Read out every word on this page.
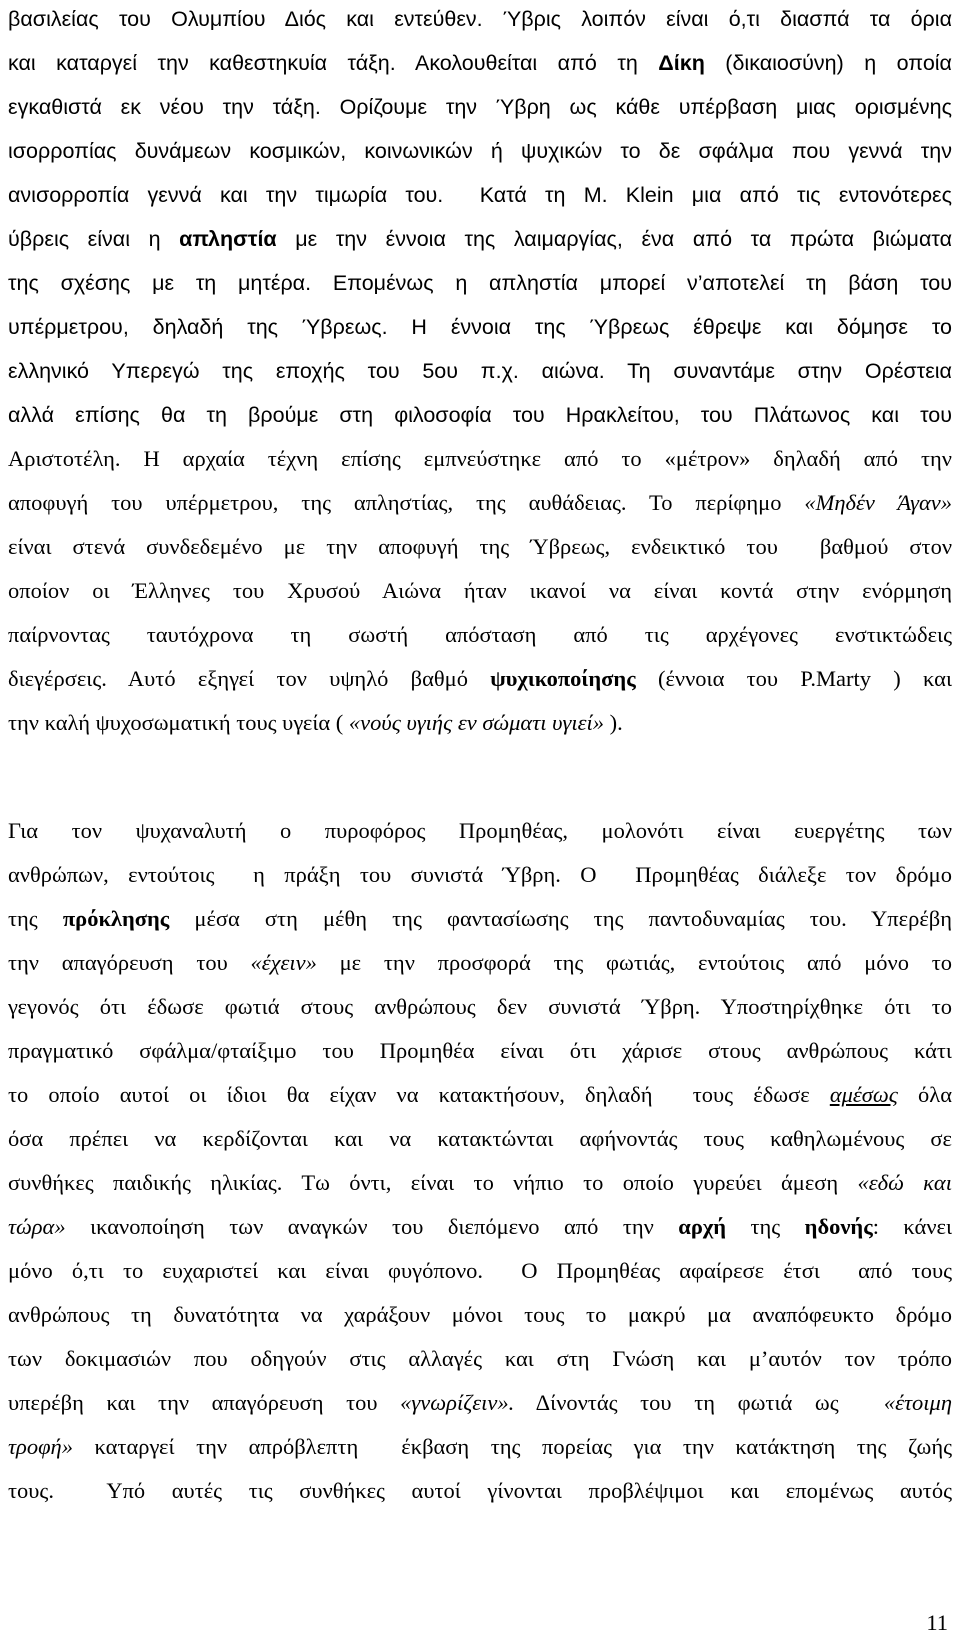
βασιλείας του Ολυμπίου Διός και εντεύθεν. Ύβρις λοιπόν είναι ό,τι διασπά τα όρια
και καταργεί την καθεστηκυία τάξη. Ακολουθείται από τη Δίκη (δικαιοσύνη) η οποία
εγκαθιστά εκ νέου την τάξη. Ορίζουμε την Ύβρη ως κάθε υπέρβαση μιας ορισμένης
ισορροπίας δυνάμεων κοσμικών, κοινωνικών ή ψυχικών το δε σφάλμα που γεννά την
ανισορροπία γεννά και την τιμωρία του.  Κατά τη M. Klein μια από τις εντονότερες
ύβρεις είναι η απληστία με την έννοια της λαιμαργίας, ένα από τα πρώτα βιώματα
της σχέσης με τη μητέρα. Επομένως η απληστία μπορεί ν’αποτελεί τη βάση του
υπέρμετρου, δηλαδή της Ύβρεως. Η έννοια της Ύβρεως έθρεψε και δόμησε το
ελληνικό Υπερεγώ της εποχής του 5ου π.χ. αιώνα. Τη συναντάμε στην Ορέστεια
αλλά επίσης θα τη βρούμε στη φιλοσοφία του Ηρακλείτου, του Πλάτωνος και του
Αριστοτέλη. Η αρχαία τέχνη επίσης εμπνεύστηκε από το «μέτρον» δηλαδή από την
αποφυγή του υπέρμετρου, της απληστίας, της αυθάδειας. Το περίφημο «Μηδέν Άγαν»
είναι στενά συνδεδεμένο με την αποφυγή της Ύβρεως, ενδεικτικό του  βαθμού στον
οποίον οι Έλληνες του Χρυσού Αιώνα ήταν ικανοί να είναι κοντά στην ενόρμηση
παίρνοντας ταυτόχρονα τη σωστή απόσταση από τις αρχέγονες ενστικτώδεις
διεγέρσεις. Αυτό εξηγεί τον υψηλό βαθμό ψυχικοποίησης (έννοια του P.Marty ) και
την καλή ψυχοσωματική τους υγεία ( «νούς υγιής εν σώματι υγιεί» ).
Για τον ψυχαναλυτή ο πυροφόρος Προμηθέας, μολονότι είναι ευεργέτης των
ανθρώπων, εντούτοις  η πράξη του συνιστά Ύβρη. Ο  Προμηθέας διάλεξε τον δρόμο
της πρόκλησης μέσα στη μέθη της φαντασίωσης της παντοδυναμίας του. Υπερέβη
την απαγόρευση του «έχειν» με την προσφορά της φωτιάς, εντούτοις από μόνο το
γεγονός ότι έδωσε φωτιά στους ανθρώπους δεν συνιστά Ύβρη. Υποστηρίχθηκε ότι το
πραγματικό σφάλμα/φταίξιμο του Προμηθέα είναι ότι χάρισε στους ανθρώπους κάτι
το οποίο αυτοί οι ίδιοι θα είχαν να κατακτήσουν, δηλαδή  τους έδωσε αμέσως όλα
όσα πρέπει να κερδίζονται και να κατακτώνται αφήνοντάς τους καθηλωμένους σε
συνθήκες παιδικής ηλικίας. Τω όντι, είναι το νήπιο το οποίο γυρεύει άμεση «εδώ και
τώρα» ικανοποίηση των αναγκών του διεπόμενο από την αρχή της ηδονής: κάνει
μόνο ό,τι το ευχαριστεί και είναι φυγόπονο.  Ο Προμηθέας αφαίρεσε έτσι  από τους
ανθρώπους τη δυνατότητα να χαράξουν μόνοι τους το μακρύ μα αναπόφευκτο δρόμο
των δοκιμασιών που οδηγούν στις αλλαγές και στη Γνώση και μ’αυτόν τον τρόπο
υπερέβη και την απαγόρευση του «γνωρίζειν». Δίνοντάς του τη φωτιά ως  «έτοιμη
τροφή» καταργεί την απρόβλεπτη  έκβαση της πορείας για την κατάκτηση της ζωής
τους.  Υπό αυτές τις συνθήκες αυτοί γίνονται προβλέψιμοι και επομένως αυτός
11
